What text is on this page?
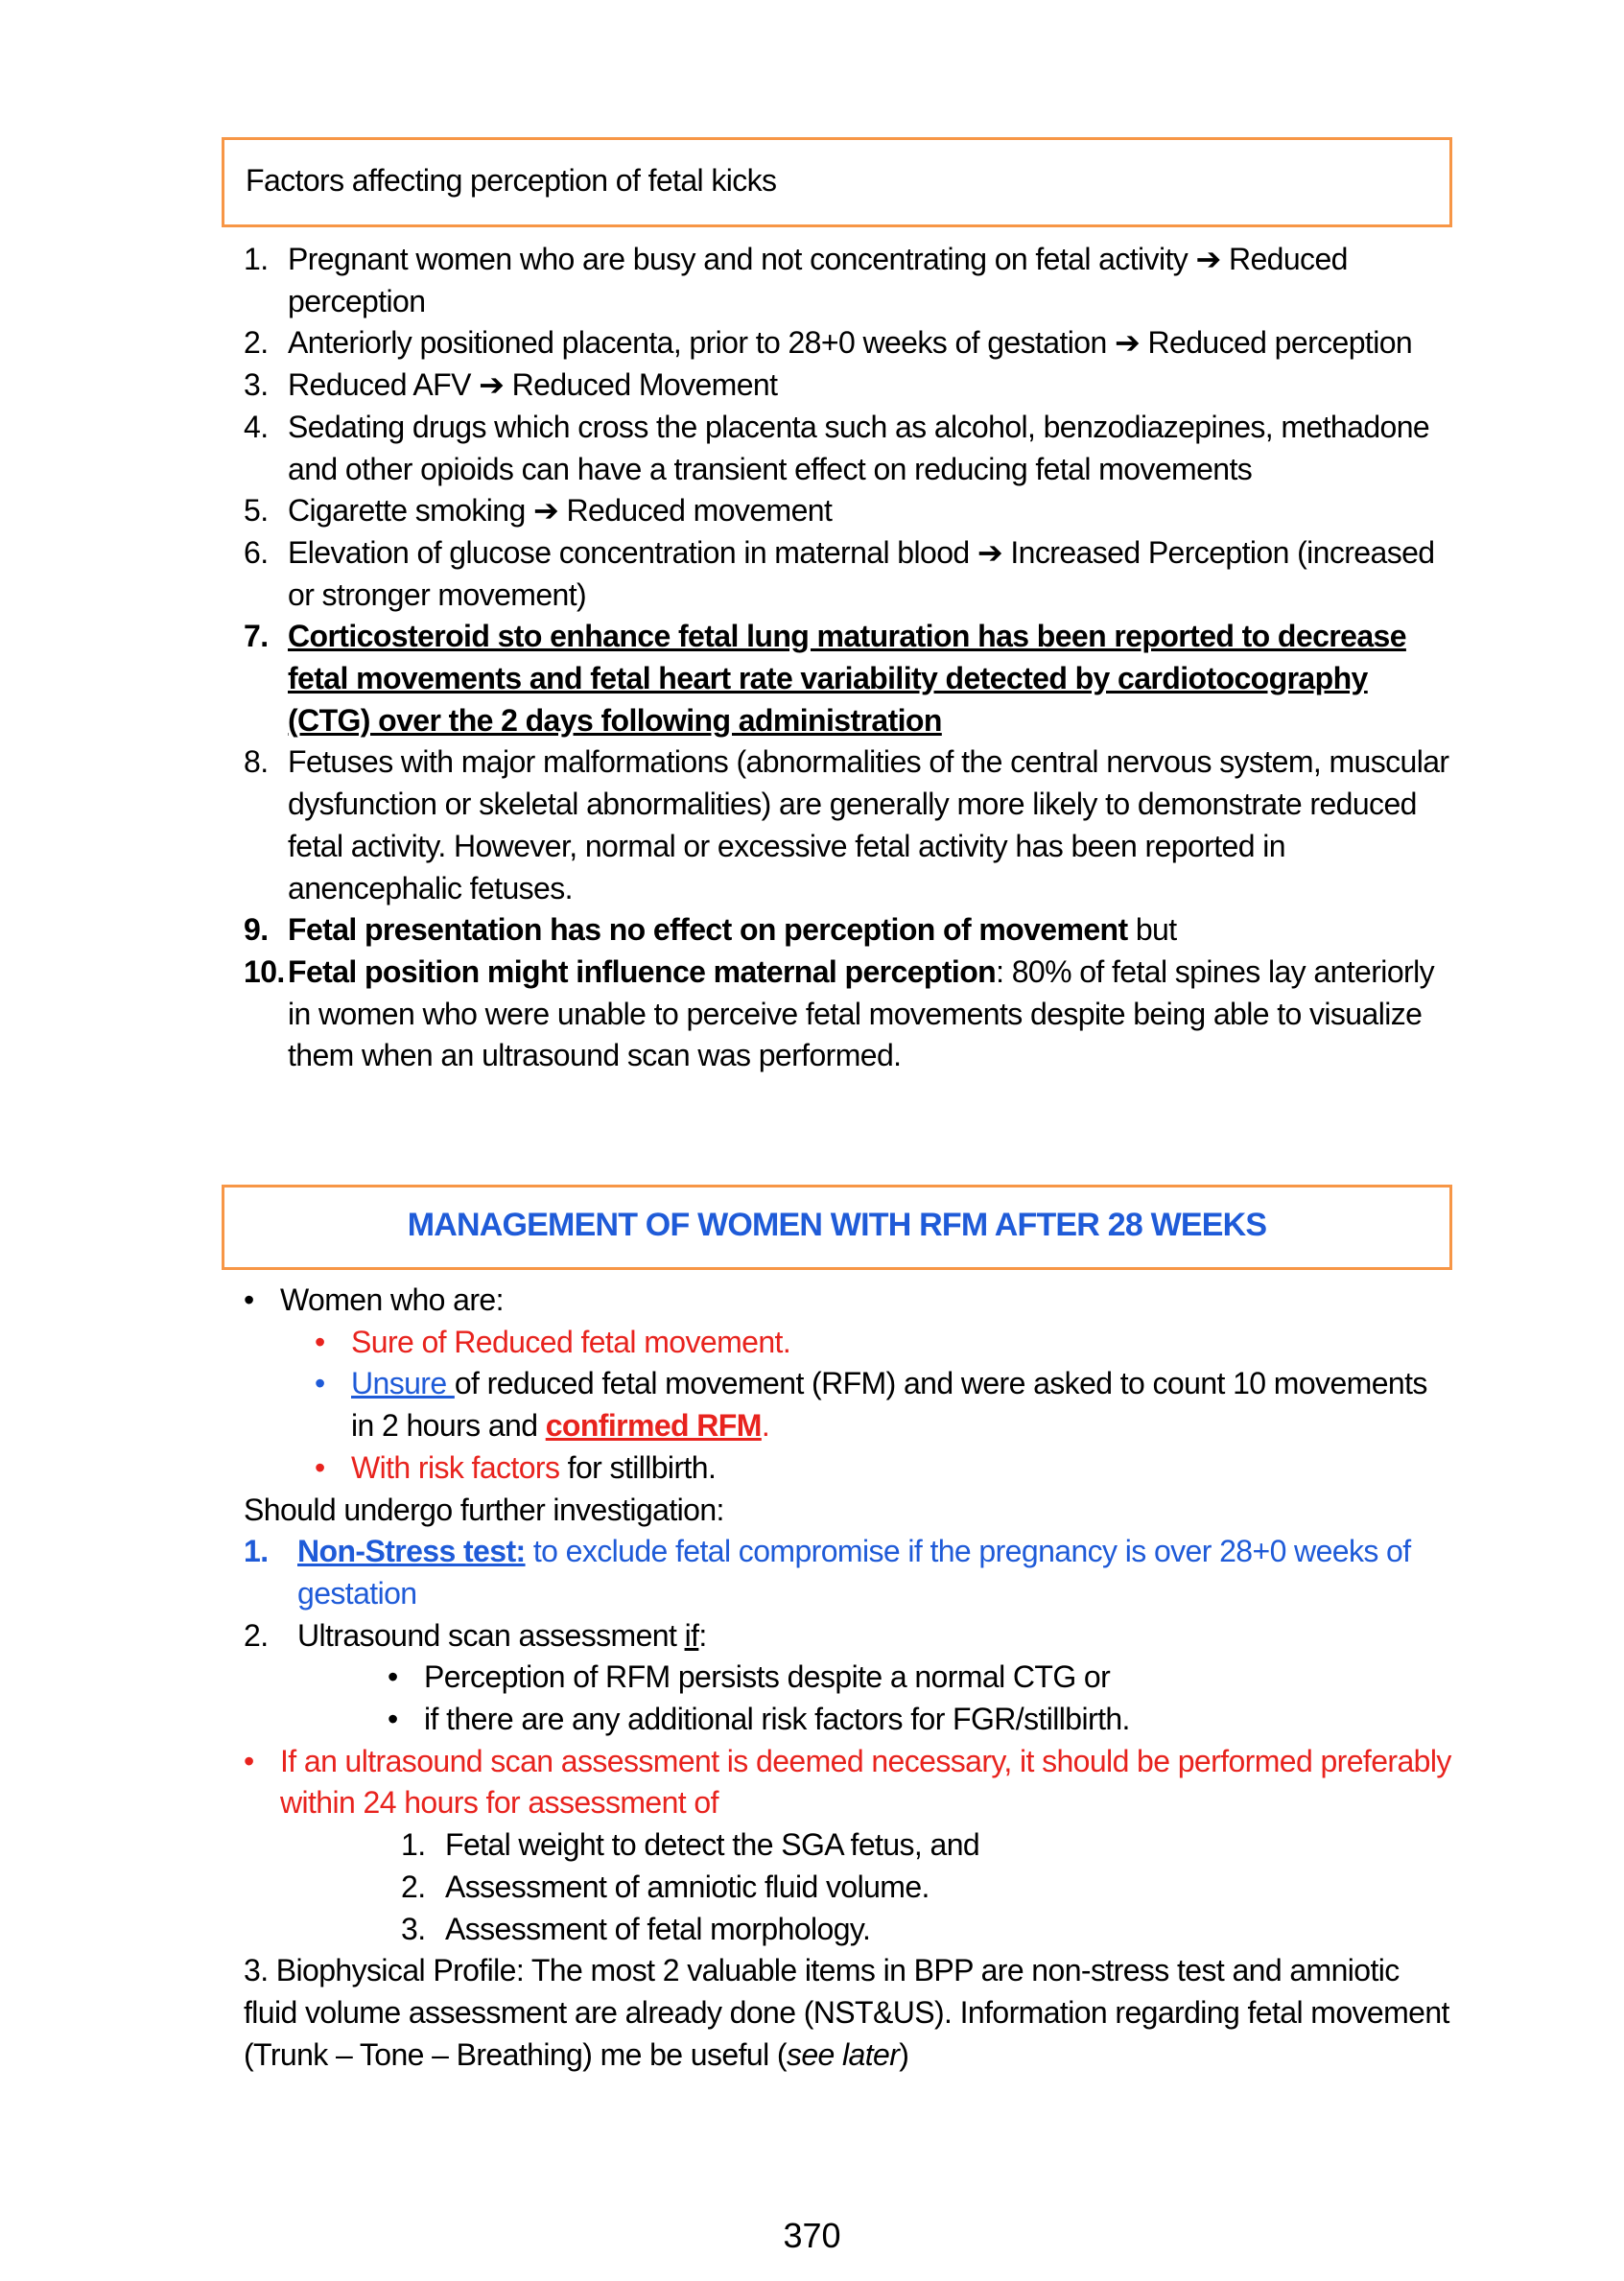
Factors affecting perception of fetal kicks
1. Pregnant women who are busy and not concentrating on fetal activity ➔ Reduced perception
2. Anteriorly positioned placenta, prior to 28+0 weeks of gestation ➔ Reduced perception
3. Reduced AFV ➔ Reduced Movement
4. Sedating drugs which cross the placenta such as alcohol, benzodiazepines, methadone and other opioids can have a transient effect on reducing fetal movements
5. Cigarette smoking ➔ Reduced movement
6. Elevation of glucose concentration in maternal blood ➔ Increased Perception (increased or stronger movement)
7. Corticosteroid sto enhance fetal lung maturation has been reported to decrease fetal movements and fetal heart rate variability detected by cardiotocography (CTG) over the 2 days following administration
8. Fetuses with major malformations (abnormalities of the central nervous system, muscular dysfunction or skeletal abnormalities) are generally more likely to demonstrate reduced fetal activity. However, normal or excessive fetal activity has been reported in anencephalic fetuses.
9. Fetal presentation has no effect on perception of movement but
10. Fetal position might influence maternal perception: 80% of fetal spines lay anteriorly in women who were unable to perceive fetal movements despite being able to visualize them when an ultrasound scan was performed.
MANAGEMENT OF WOMEN WITH RFM AFTER 28 WEEKS
• Women who are:
• Sure of Reduced fetal movement.
• Unsure of reduced fetal movement (RFM) and were asked to count 10 movements in 2 hours and confirmed RFM.
• With risk factors for stillbirth.
Should undergo further investigation:
1. Non-Stress test: to exclude fetal compromise if the pregnancy is over 28+0 weeks of gestation
2. Ultrasound scan assessment if:
• Perception of RFM persists despite a normal CTG or
• if there are any additional risk factors for FGR/stillbirth.
• If an ultrasound scan assessment is deemed necessary, it should be performed preferably within 24 hours for assessment of
1. Fetal weight to detect the SGA fetus, and
2. Assessment of amniotic fluid volume.
3. Assessment of fetal morphology.
3. Biophysical Profile: The most 2 valuable items in BPP are non-stress test and amniotic fluid volume assessment are already done (NST&US). Information regarding fetal movement (Trunk – Tone – Breathing) me be useful (see later)
370
